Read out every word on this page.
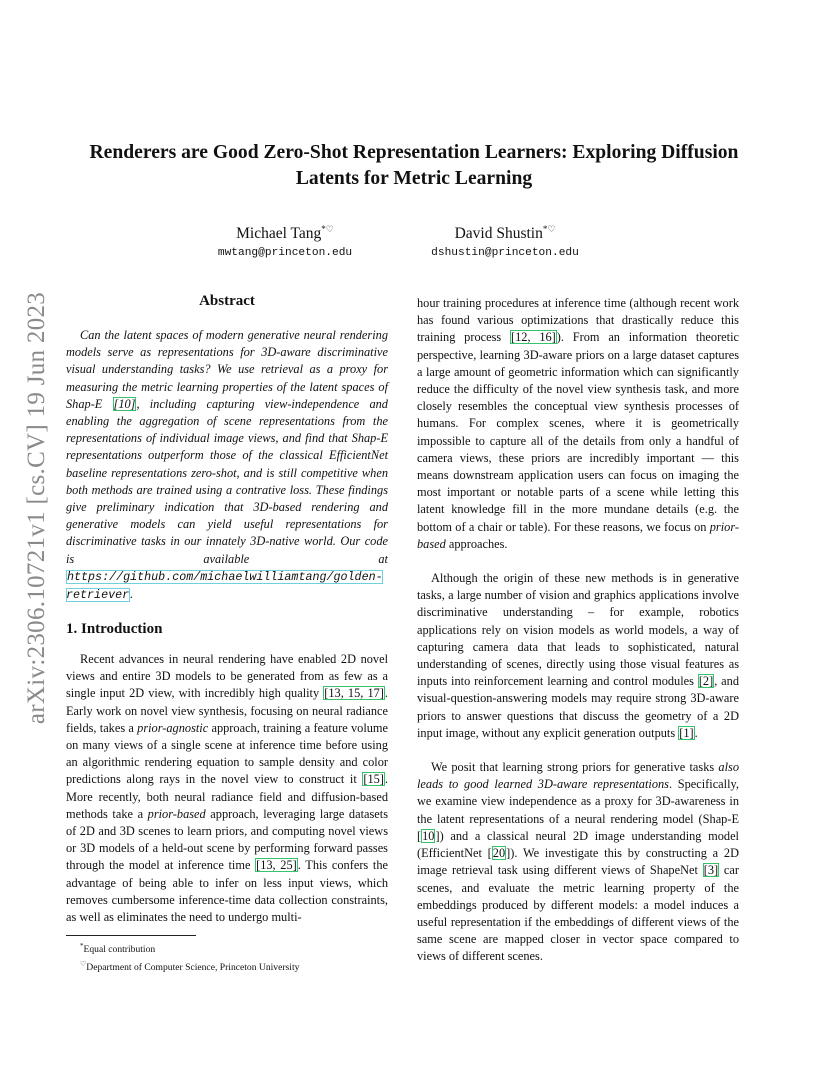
arXiv:2306.10721v1 [cs.CV] 19 Jun 2023
Renderers are Good Zero-Shot Representation Learners: Exploring Diffusion
Latents for Metric Learning
Michael Tang*♡
mwtang@princeton.edu
David Shustin*♡
dshustin@princeton.edu
Abstract

Can the latent spaces of modern generative neural rendering models serve as representations for 3D-aware discriminative visual understanding tasks? We use retrieval as a proxy for measuring the metric learning properties of the latent spaces of Shap-E [10], including capturing view-independence and enabling the aggregation of scene representations from the representations of individual image views, and find that Shap-E representations outperform those of the classical EfficientNet baseline representations zero-shot, and is still competitive when both methods are trained using a contrative loss. These findings give preliminary indication that 3D-based rendering and generative models can yield useful representations for discriminative tasks in our innately 3D-native world. Our code is available at https://github.com/michaelwilliamtang/golden-retriever.

1. Introduction

Recent advances in neural rendering have enabled 2D novel views and entire 3D models to be generated from as few as a single input 2D view, with incredibly high quality [13, 15, 17]. Early work on novel view synthesis, focusing on neural radiance fields, takes a prior-agnostic approach, training a feature volume on many views of a single scene at inference time before using an algorithmic rendering equation to sample density and color predictions along rays in the novel view to construct it [15]. More recently, both neural radiance field and diffusion-based methods take a prior-based approach, leveraging large datasets of 2D and 3D scenes to learn priors, and computing novel views or 3D models of a held-out scene by performing forward passes through the model at inference time [13, 25]. This confers the advantage of being able to infer on less input views, which removes cumbersome inference-time data collection constraints, as well as eliminates the need to undergo multi-

hour training procedures at inference time (although recent work has found various optimizations that drastically reduce this training process [12, 16]). From an information theoretic perspective, learning 3D-aware priors on a large dataset captures a large amount of geometric information which can significantly reduce the difficulty of the novel view synthesis task, and more closely resembles the conceptual view synthesis processes of humans. For complex scenes, where it is geometrically impossible to capture all of the details from only a handful of camera views, these priors are incredibly important — this means downstream application users can focus on imaging the most important or notable parts of a scene while letting this latent knowledge fill in the more mundane details (e.g. the bottom of a chair or table). For these reasons, we focus on prior-based approaches.

Although the origin of these new methods is in generative tasks, a large number of vision and graphics applications involve discriminative understanding – for example, robotics applications rely on vision models as world models, a way of capturing camera data that leads to sophisticated, natural understanding of scenes, directly using those visual features as inputs into reinforcement learning and control modules [2], and visual-question-answering models may require strong 3D-aware priors to answer questions that discuss the geometry of a 2D input image, without any explicit generation outputs [1].

We posit that learning strong priors for generative tasks also leads to good learned 3D-aware representations. Specifically, we examine view independence as a proxy for 3D-awareness in the latent representations of a neural rendering model (Shap-E [10]) and a classical neural 2D image understanding model (EfficientNet [20]). We investigate this by constructing a 2D image retrieval task using different views of ShapeNet [3] car scenes, and evaluate the metric learning property of the embeddings produced by different models: a model induces a useful representation if the embeddings of different views of the same scene are mapped closer in vector space compared to views of different scenes.

*Equal contribution
♡Department of Computer Science, Princeton University
